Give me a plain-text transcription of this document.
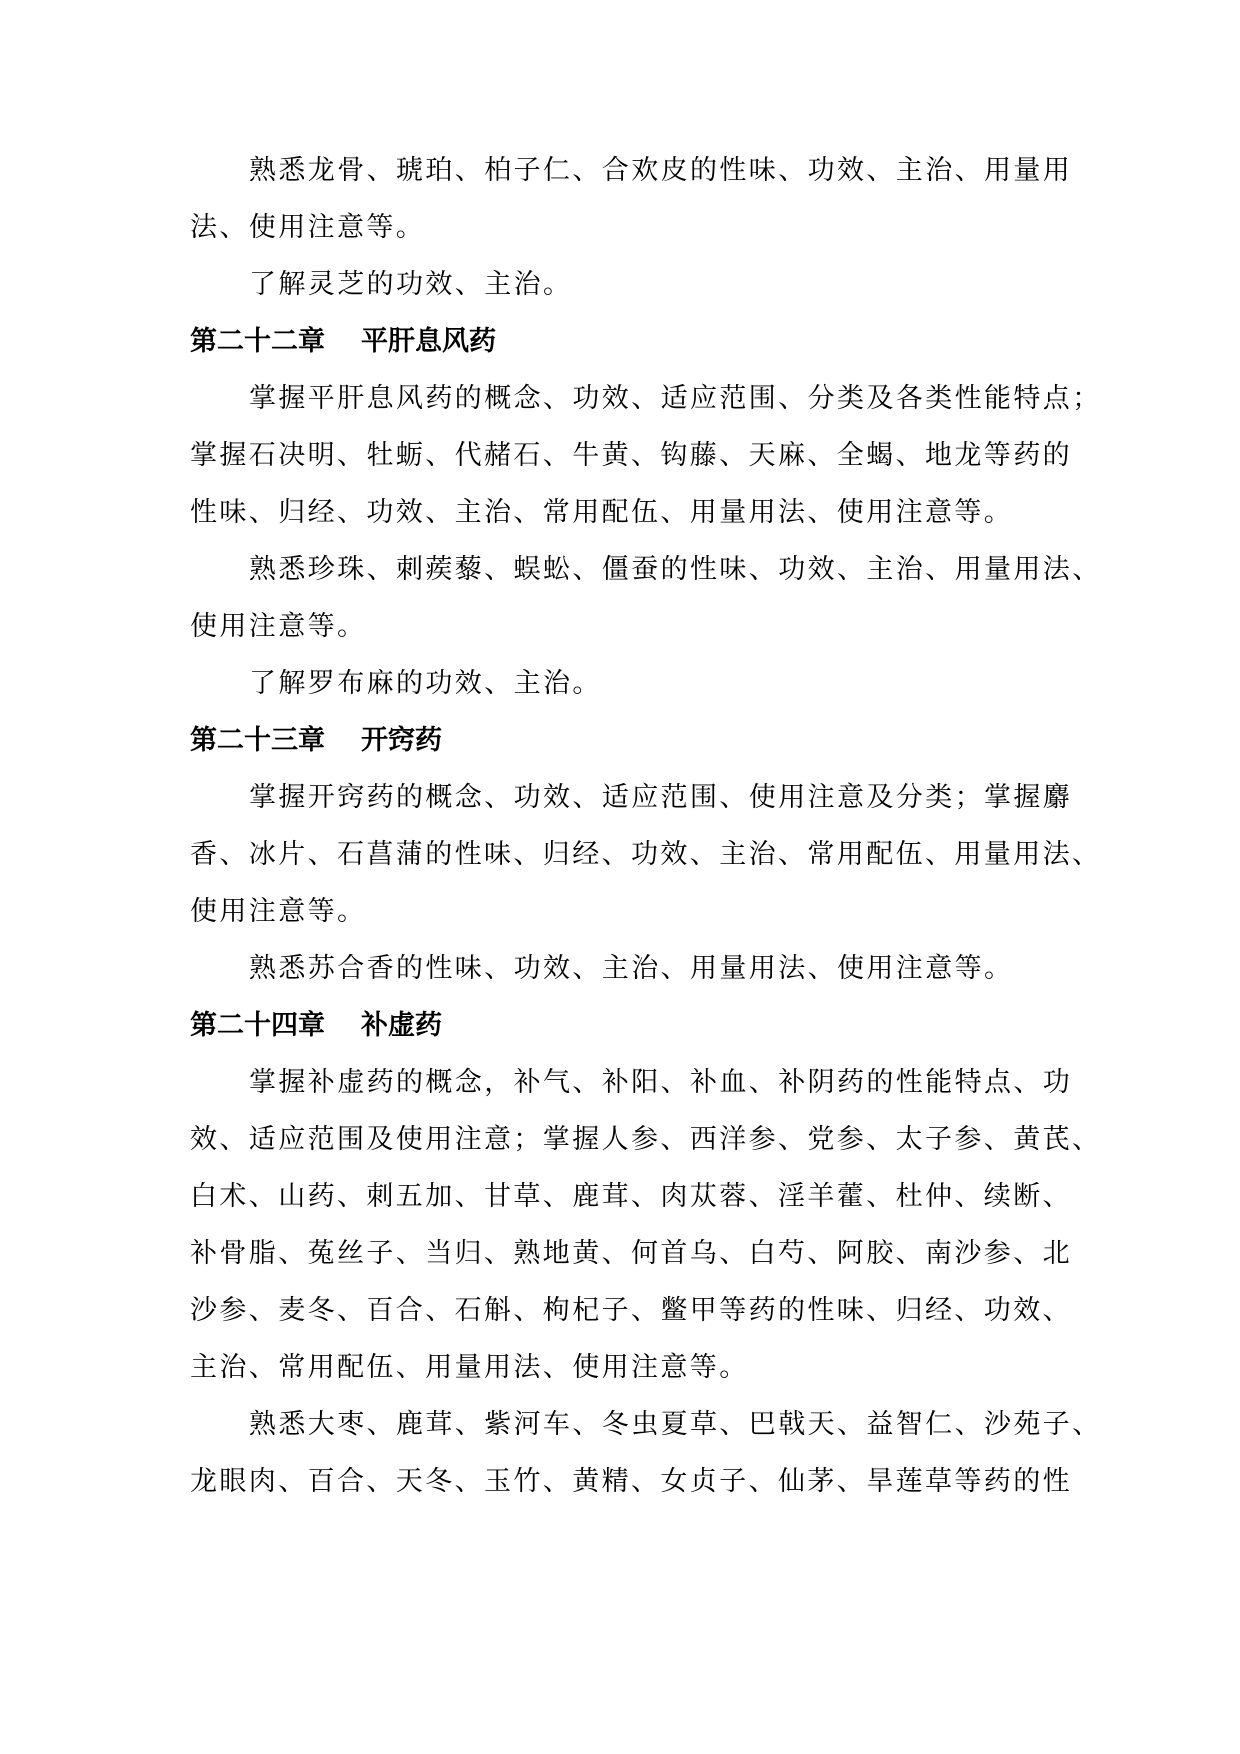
熟悉龙骨、琥珀、柏子仁、合欢皮的性味、功效、主治、用量用
法、使用注意等。
了解灵芝的功效、主治。
第二十二章 平肝息风药
掌握平肝息风药的概念、功效、适应范围、分类及各类性能特点；
掌握石决明、牡蛎、代赭石、牛黄、钩藤、天麻、全蝎、地龙等药的
性味、归经、功效、主治、常用配伍、用量用法、使用注意等。
熟悉珍珠、刺蒺藜、蜈蚣、僵蚕的性味、功效、主治、用量用法、
使用注意等。
了解罗布麻的功效、主治。
第二十三章 开窍药
掌握开窍药的概念、功效、适应范围、使用注意及分类；掌握麝
香、冰片、石菖蒲的性味、归经、功效、主治、常用配伍、用量用法、
使用注意等。
熟悉苏合香的性味、功效、主治、用量用法、使用注意等。
第二十四章 补虚药
掌握补虚药的概念，补气、补阳、补血、补阴药的性能特点、功
效、适应范围及使用注意；掌握人参、西洋参、党参、太子参、黄芪、
白术、山药、刺五加、甘草、鹿茸、肉苁蓉、淫羊藿、杜仲、续断、
补骨脂、菟丝子、当归、熟地黄、何首乌、白芍、阿胶、南沙参、北
沙参、麦冬、百合、石斛、枸杞子、鳖甲等药的性味、归经、功效、
主治、常用配伍、用量用法、使用注意等。
熟悉大枣、鹿茸、紫河车、冬虫夏草、巴戟天、益智仁、沙苑子、
龙眼肉、百合、天冬、玉竹、黄精、女贞子、仙茅、旱莲草等药的性
